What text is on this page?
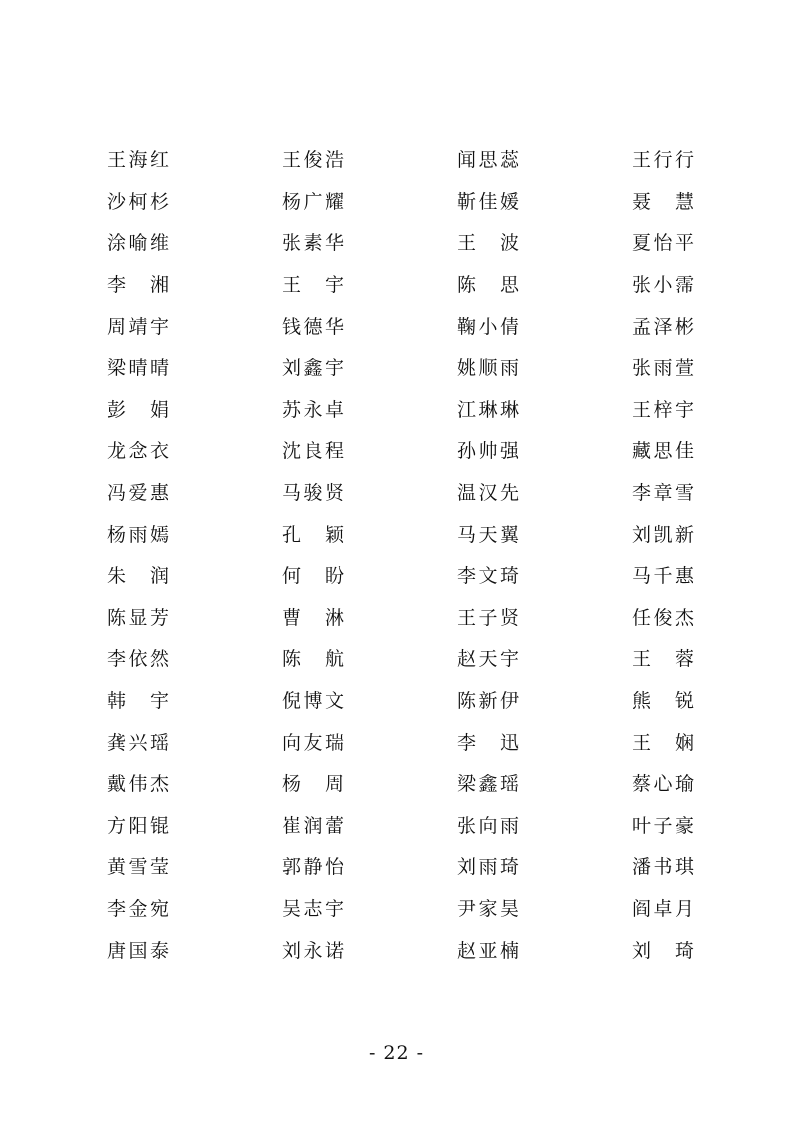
王 海 红	王 俊 浩	闻 思 蕊	王 行 行
沙 柯 杉	杨 广 耀	靳 佳 媛	聂 慧
涂 喻 维	张 素 华	王 波	夏 怡 平
李 湘	王 宇	陈 思	张 小 霈
周 靖 宇	钱 德 华	鞠 小 倩	孟 泽 彬
梁 晴 晴	刘 鑫 宇	姚 顺 雨	张 雨 萱
彭 娟	苏 永 卓	江 琳 琳	王 梓 宇
龙 念 衣	沈 良 程	孙 帅 强	藏 思 佳
冯 爱 惠	马 骏 贤	温 汉 先	李 章 雪
杨 雨 嫣	孔 颖	马 天 翼	刘 凯 新
朱 润	何 盼	李 文 琦	马 千 惠
陈 显 芳	曹 淋	王 子 贤	任 俊 杰
李 依 然	陈 航	赵 天 宇	王 蓉
韩 宇	倪 博 文	陈 新 伊	熊 锐
龚 兴 瑶	向 友 瑞	李 迅	王 娴
戴 伟 杰	杨 周	梁 鑫 瑶	蔡 心 瑜
方 阳 锟	崔 润 蕾	张 向 雨	叶 子 豪
黄 雪 莹	郭 静 怡	刘 雨 琦	潘 书 琪
李 金 宛	吴 志 宇	尹 家 昊	阎 卓 月
唐 国 泰	刘 永 诺	赵 亚 楠	刘 琦
- 22 -
